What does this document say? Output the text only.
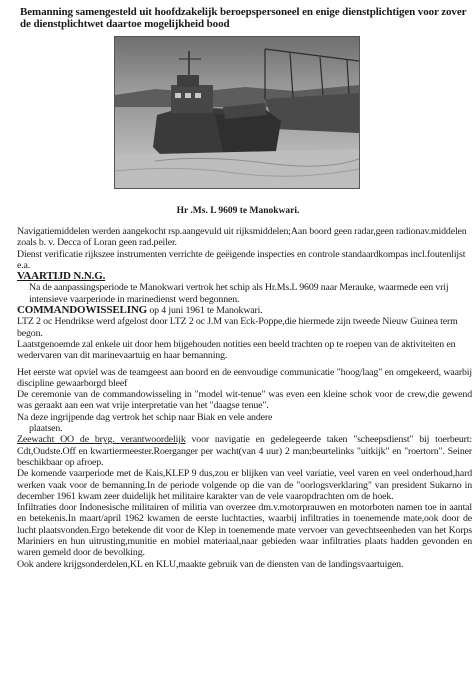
Bemanning samengesteld uit hoofdzakelijk beroepspersoneel en enige dienstplichtigen voor zover de dienstplichtwet daartoe mogelijkheid bood
Hr .Ms. L 9609 te Manokwari.

Navigatiemiddelen werden aangekocht rsp.aangevuld uit rijksmiddelen;Aan boord geen radar,geen radionav.middelen zoals b. v. Decca of Loran geen rad.peiler.

Dienst verificatie rijkszee instrumenten verrichte de geëigende inspecties en controle standaardkompas incl.foutenlijst e.a.

VAARTIJD N.N.G.

Na de aanpassingsperiode te Manokwari vertrok het schip als Hr.Ms.L 9609 naar Merauke, waarmede een vrij intensieve vaarperiode in marinedienst werd begonnen.

COMMANDOWISSELING op 4 juni 1961 te Manokwari.

LTZ 2 oc Hendrikse werd afgelost door LTZ 2 oc J.M van Eck-Poppe,die hiermede zijn tweede Nieuw Guinea term begon.

Laatstgenoemde zal enkele uit door hem bijgehouden notities een beeld trachten op te roepen van de aktiviteiten en wedervaren van dit marinevaartuig en haar bemanning.

Het eerste wat opviel was de teamgeest aan boord en de eenvoudige communicatie "hoog/laag" en omgekeerd, waarbij discipline gewaarborgd bleef

De ceremonie van de commandowisseling in "model wit-tenue" was even een kleine schok voor de crew,die gewend was geraakt aan een wat vrije interpretatie van het "daagse tenue".

Na deze ingrijpende dag vertrok het schip naar Biak en vele andere

plaatsen.

Zeewacht OO de bryg. verantwoordelijk voor navigatie en gedelegeerde taken "scheepsdienst" bij toerbeurt: Cdt,Oudste.Off en kwartiermeester.Roerganger per wacht(van 4 uur) 2 man;beurtelinks "uitkijk" en "roertorn". Seiner beschikbaar op afroep.

De komende vaarperiode met de Kais,KLEP 9 dus,zou er blijken van veel variatie, veel varen en veel onderhoud,hard werken vaak voor de bemanning.In de periode volgende op die van de "oorlogsverklaring" van president Sukarno in december 1961 kwam zeer duidelijk het militaire karakter van de vele vaaropdrachten om de hoek.

Infiltraties door Indonesische militairen of militia van overzee dm.v.motorprauwen en motorboten namen toe in aantal en betekenis.In maart/april 1962 kwamen de eerste luchtacties, waarbij infiltraties in toenemende mate,ook door de lucht plaatsvonden.Ergo betekende dit voor de Klep in toenemende mate vervoer van gevechtseenheden van het Korps Mariniers en hun uitrusting,munitie en mobiel materiaal,naar gebieden waar infiltraties plaats hadden gevonden en waren gemeld door de bevolking.

Ook andere krijgsonderdelen,KL en KLU,maakte gebruik van de diensten van de landingsvaartuigen.
